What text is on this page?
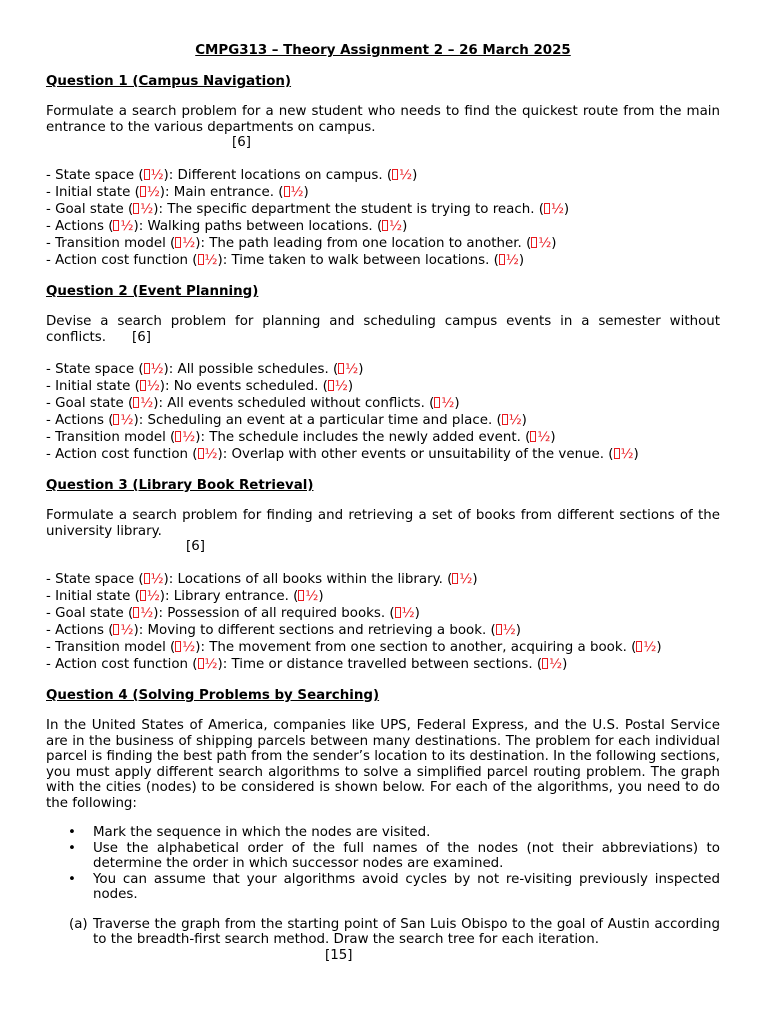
CMPG313 – Theory Assignment 2 – 26 March 2025
Question 1 (Campus Navigation)

Formulate a search problem for a new student who needs to find the quickest route from the main entrance to the various departments on campus.

[6]
- State space ( ½): Different locations on campus. ( ½)
- Initial state ( ½): Main entrance. ( ½)
- Goal state ( ½): The specific department the student is trying to reach. ( ½)
- Actions ( ½): Walking paths between locations. ( ½)
- Transition model ( ½): The path leading from one location to another. ( ½)
- Action cost function ( ½): Time taken to walk between locations. ( ½)
Question 2 (Event Planning)

Devise a search problem for planning and scheduling campus events in a semester without conflicts. [6]

- State space ( ½): All possible schedules. ( ½)
- Initial state ( ½): No events scheduled. ( ½)
- Goal state ( ½): All events scheduled without conflicts. ( ½)
- Actions ( ½): Scheduling an event at a particular time and place. ( ½)
- Transition model ( ½): The schedule includes the newly added event. ( ½)
- Action cost function ( ½): Overlap with other events or unsuitability of the venue. ( ½)
Question 3 (Library Book Retrieval)

Formulate a search problem for finding and retrieving a set of books from different sections of the university library.

[6]
- State space ( ½): Locations of all books within the library. ( ½)
- Initial state ( ½): Library entrance. ( ½)
- Goal state ( ½): Possession of all required books. ( ½)
- Actions ( ½): Moving to different sections and retrieving a book. ( ½)
- Transition model ( ½): The movement from one section to another, acquiring a book. ( ½)
- Action cost function ( ½): Time or distance travelled between sections. ( ½)
Question 4 (Solving Problems by Searching)

In the United States of America, companies like UPS, Federal Express, and the U.S. Postal Service are in the business of shipping parcels between many destinations. The problem for each individual parcel is finding the best path from the sender’s location to its destination. In the following sections, you must apply different search algorithms to solve a simplified parcel routing problem. The graph with the cities (nodes) to be considered is shown below. For each of the algorithms, you need to do the following:

• Mark the sequence in which the nodes are visited.
• Use the alphabetical order of the full names of the nodes (not their abbreviations) to determine the order in which successor nodes are examined.
• You can assume that your algorithms avoid cycles by not re-visiting previously inspected nodes.
(a) Traverse the graph from the starting point of San Luis Obispo to the goal of Austin according to the breadth-first search method. Draw the search tree for each iteration.
[15]
